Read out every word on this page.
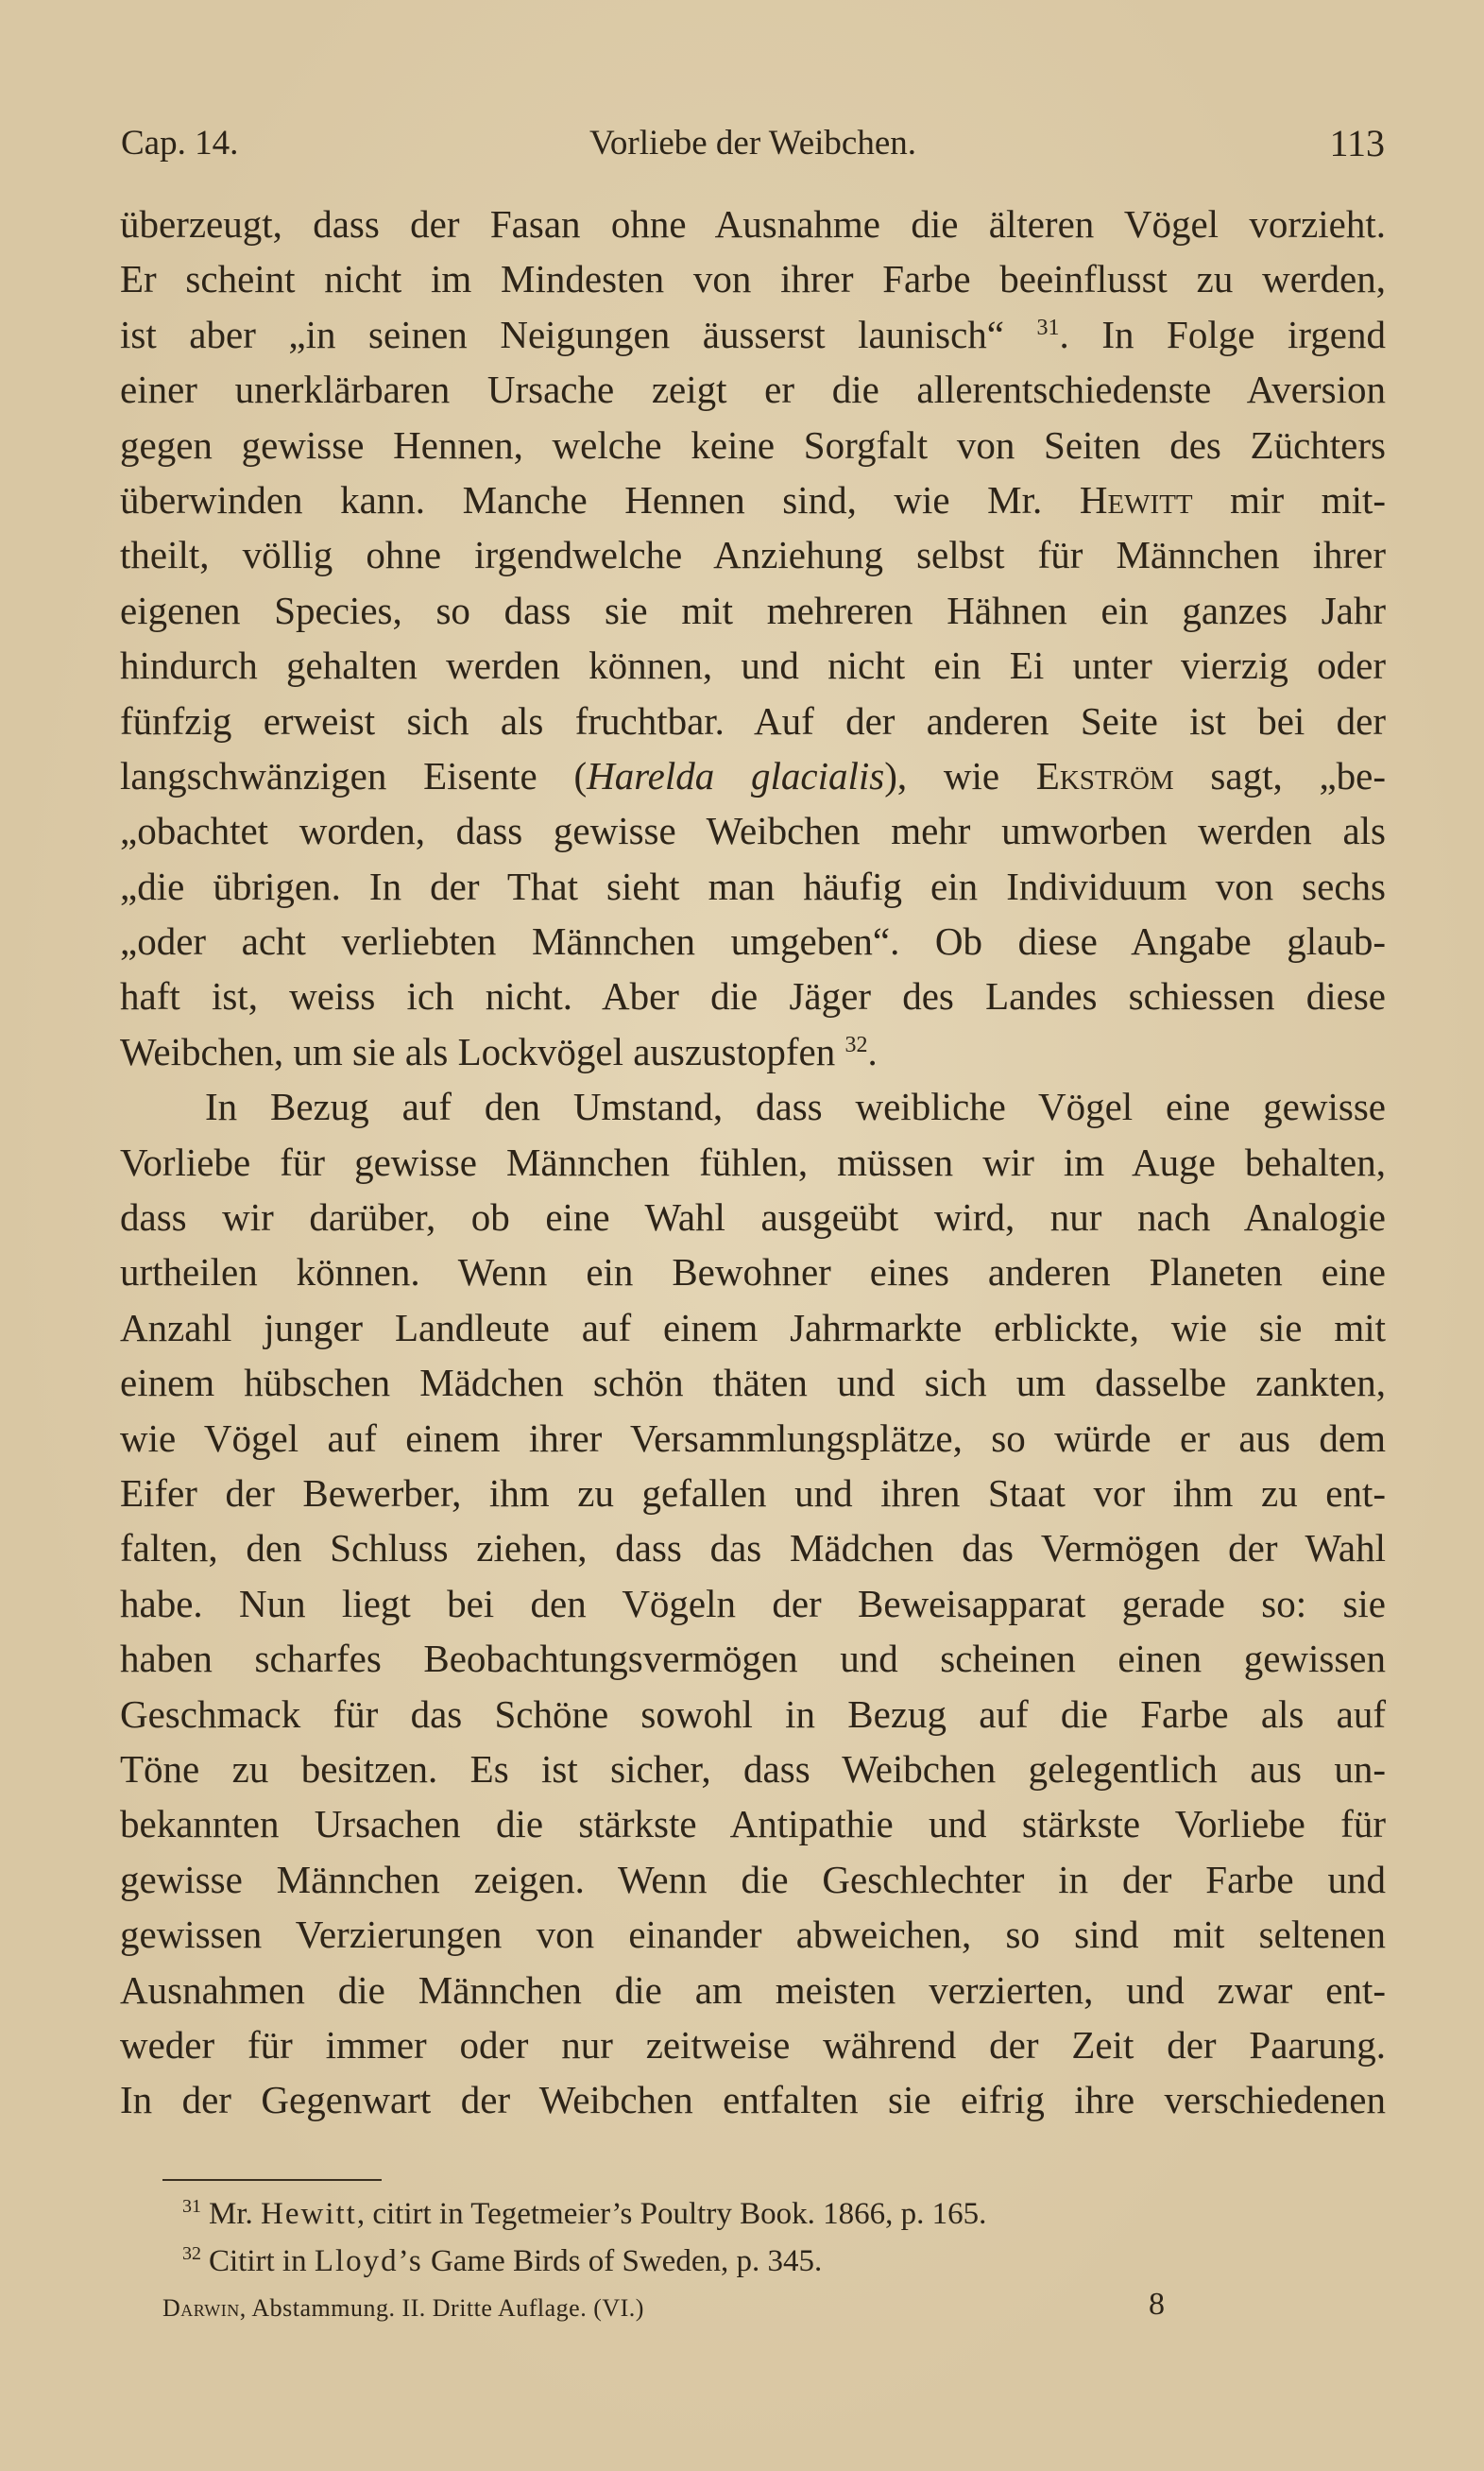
Cap. 14.	Vorliebe der Weibchen.	113
überzeugt, dass der Fasan ohne Ausnahme die älteren Vögel vorzieht.
Er scheint nicht im Mindesten von ihrer Farbe beeinflusst zu werden,
ist aber „in seinen Neigungen äusserst launisch“ $^{31}$. In Folge irgend
einer unerklärbaren Ursache zeigt er die allerentschiedenste Aversion
gegen gewisse Hennen, welche keine Sorgfalt von Seiten des Züchters
überwinden kann. Manche Hennen sind, wie Mr. Hewitt mir mit-
theilt, völlig ohne irgendwelche Anziehung selbst für Männchen ihrer
eigenen Species, so dass sie mit mehreren Hähnen ein ganzes Jahr
hindurch gehalten werden können, und nicht ein Ei unter vierzig oder
fünfzig erweist sich als fruchtbar. Auf der anderen Seite ist bei der
langschwänzigen Eisente (Harelda glacialis), wie Ekström sagt, „be-
„obachtet worden, dass gewisse Weibchen mehr umworben werden als
„die übrigen. In der That sieht man häufig ein Individuum von sechs
„oder acht verliebten Männchen umgeben“. Ob diese Angabe glaub-
haft ist, weiss ich nicht. Aber die Jäger des Landes schiessen diese
Weibchen, um sie als Lockvögel auszustopfen $^{32}$.
In Bezug auf den Umstand, dass weibliche Vögel eine gewisse
Vorliebe für gewisse Männchen fühlen, müssen wir im Auge behalten,
dass wir darüber, ob eine Wahl ausgeübt wird, nur nach Analogie
urtheilen können. Wenn ein Bewohner eines anderen Planeten eine
Anzahl junger Landleute auf einem Jahrmarkte erblickte, wie sie mit
einem hübschen Mädchen schön thäten und sich um dasselbe zankten,
wie Vögel auf einem ihrer Versammlungsplätze, so würde er aus dem
Eifer der Bewerber, ihm zu gefallen und ihren Staat vor ihm zu ent-
falten, den Schluss ziehen, dass das Mädchen das Vermögen der Wahl
habe. Nun liegt bei den Vögeln der Beweisapparat gerade so: sie
haben scharfes Beobachtungsvermögen und scheinen einen gewissen
Geschmack für das Schöne sowohl in Bezug auf die Farbe als auf
Töne zu besitzen. Es ist sicher, dass Weibchen gelegentlich aus un-
bekannten Ursachen die stärkste Antipathie und stärkste Vorliebe für
gewisse Männchen zeigen. Wenn die Geschlechter in der Farbe und
gewissen Verzierungen von einander abweichen, so sind mit seltenen
Ausnahmen die Männchen die am meisten verzierten, und zwar ent-
weder für immer oder nur zeitweise während der Zeit der Paarung.
In der Gegenwart der Weibchen entfalten sie eifrig ihre verschiedenen
$^{31}$ Mr. Hewitt, citirt in Tegetmeier’s Poultry Book. 1866, p. 165.
$^{32}$ Citirt in Lloyd’s Game Birds of Sweden, p. 345.
Darwin, Abstammung. II. Dritte Auflage. (VI.)	8
